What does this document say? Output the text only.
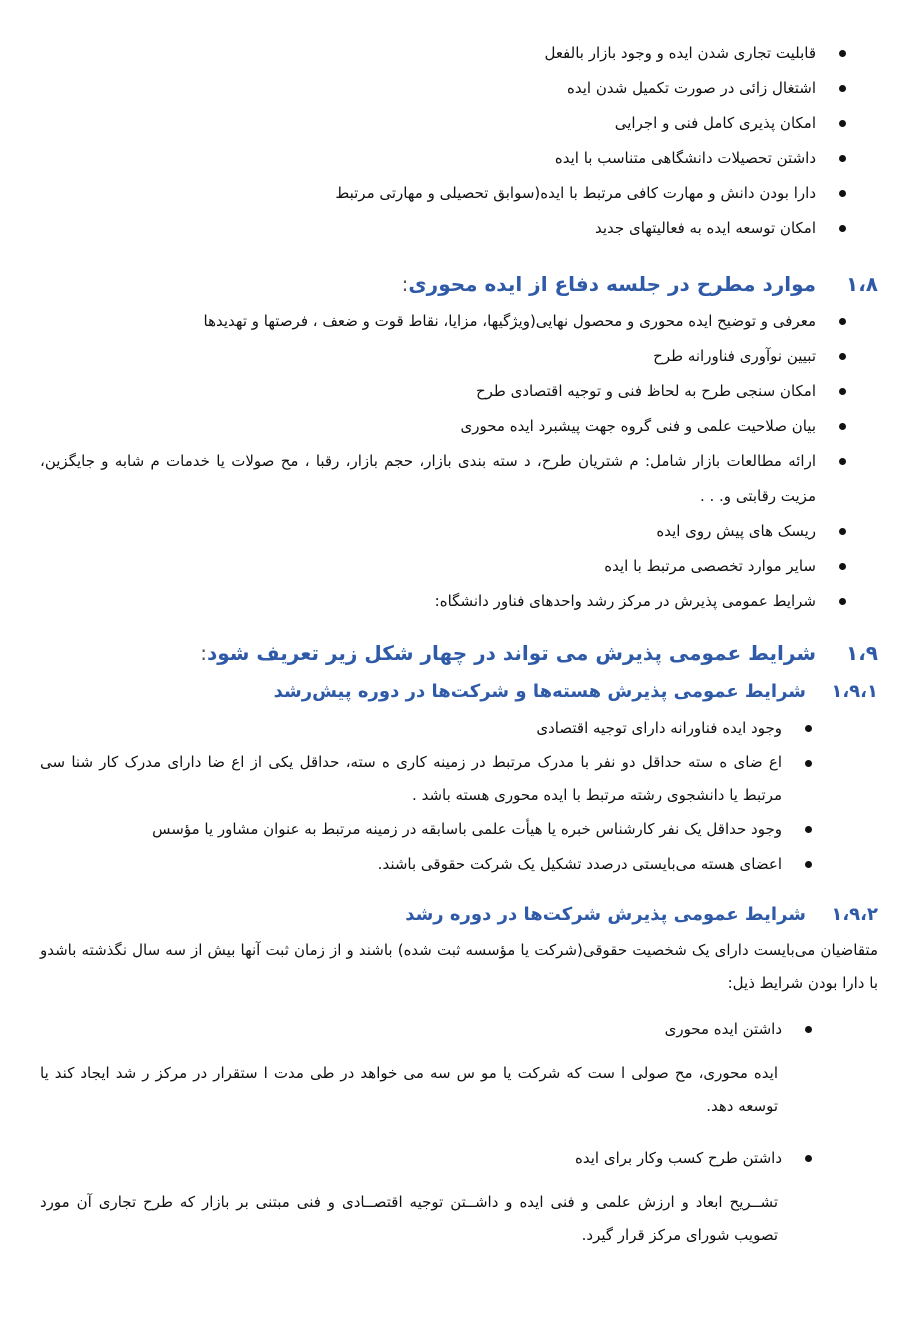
قابلیت تجاری شدن ایده و وجود بازار بالفعل
اشتغال زائی در صورت تکمیل شدن ایده
امکان پذیری کامل فنی و اجرایی
داشتن تحصیلات دانشگاهی متناسب با ایده
دارا بودن دانش و مهارت کافی مرتبط با ایده(سوابق تحصیلی و مهارتی مرتبط
امکان توسعه ایده به فعالیتهای جدید
۱،۸
موارد مطرح در جلسه دفاع از ایده محوری
:
معرفی و توضیح ایده محوری و محصول نهایی(ویژگیها، مزایا، نقاط قوت و ضعف ، فرصتها و تهدیدها
تبیین نوآوری فناورانه طرح
امکان سنجی طرح به لحاظ فنی و توجیه اقتصادی طرح
بیان صلاحیت علمی و فنی گروه جهت پیشبرد ایده محوری
ارائه مطالعات بازار شامل: م شتریان طرح، د سته بندی بازار، حجم بازار، رقبا ، مح صولات یا خدمات م شابه و جایگزین، مزیت رقابتی و. . .
ریسک های پیش روی ایده
سایر موارد تخصصی مرتبط با ایده
شرایط عمومی پذیرش در مرکز رشد واحدهای فناور دانشگاه:
۱،۹
شرایط عمومی پذیرش می تواند در چهار شکل زیر تعریف شود
:
۱،۹،۱
شرایط عمومی پذیرش هسته‌ها و شرکت‌ها در دوره پیش‌رشد
وجود ایده فناورانه دارای توجیه اقتصادی
اع ضای ه سته حداقل دو نفر با مدرک مرتبط در زمینه کاری ه سته، حداقل یکی از اع ضا دارای مدرک کار شنا سی مرتبط یا دانشجوی رشته مرتبط با ایده محوری هسته باشد .
وجود حداقل یک نفر کارشناس خبره یا هیأت علمی باسابقه در زمینه مرتبط به عنوان مشاور یا مؤسس
اعضای هسته می‌بایستی درصدد تشکیل یک شرکت حقوقی باشند.
۱،۹،۲
شرایط عمومی پذیرش شرکت‌ها در دوره رشد

متقاضیان می‌بایست دارای یک شخصیت حقوقی(شرکت یا مؤسسه ثبت شده) باشند و از زمان ثبت آنها بیش از سه سال نگذشته باشدو با دارا بودن شرایط ذیل:

داشتن ایده محوری

ایده محوری، مح صولی ا ست که شرکت یا مو س سه می خواهد در طی مدت ا ستقرار در مرکز ر شد ایجاد کند یا توسعه دهد.

داشتن طرح کسب وکار برای ایده

تشــریح ابعاد و ارزش علمی و فنی ایده و داشــتن توجیه اقتصــادی و فنی مبتنی بر بازار که طرح تجاری آن مورد تصویب شورای مرکز قرار گیرد.
